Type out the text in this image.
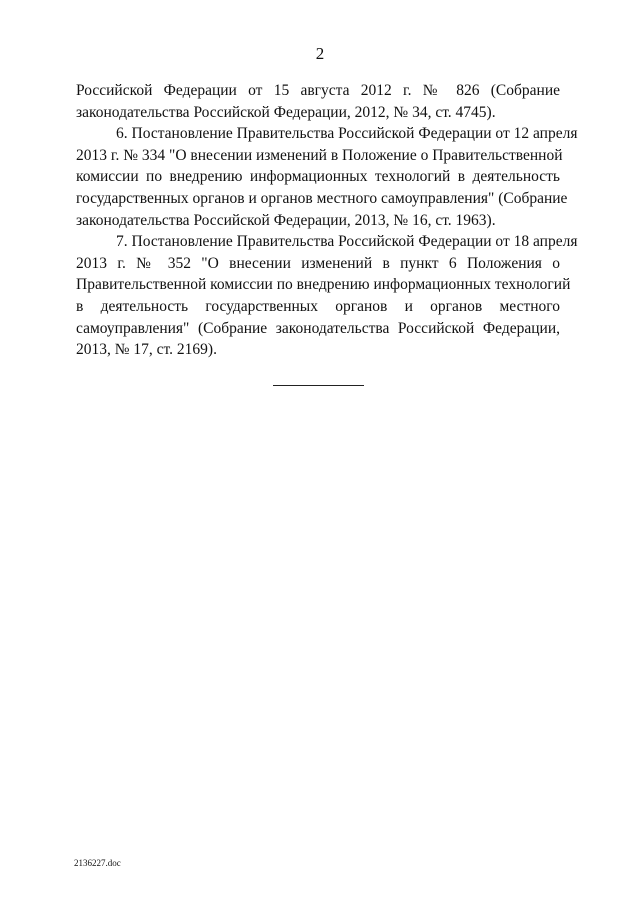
2
Российской Федерации от 15 августа 2012 г. № 826 (Собрание
законодательства Российской Федерации, 2012, № 34, ст. 4745).
6. Постановление Правительства Российской Федерации от 12 апреля
2013 г. № 334 "О внесении изменений в Положение о Правительственной
комиссии по внедрению информационных технологий в деятельность
государственных органов и органов местного самоуправления" (Собрание
законодательства Российской Федерации, 2013, № 16, ст. 1963).
7. Постановление Правительства Российской Федерации от 18 апреля
2013 г. № 352 "О внесении изменений в пункт 6 Положения о
Правительственной комиссии по внедрению информационных технологий
в деятельность государственных органов и органов местного
самоуправления" (Собрание законодательства Российской Федерации,
2013, № 17, ст. 2169).
2136227.doc
